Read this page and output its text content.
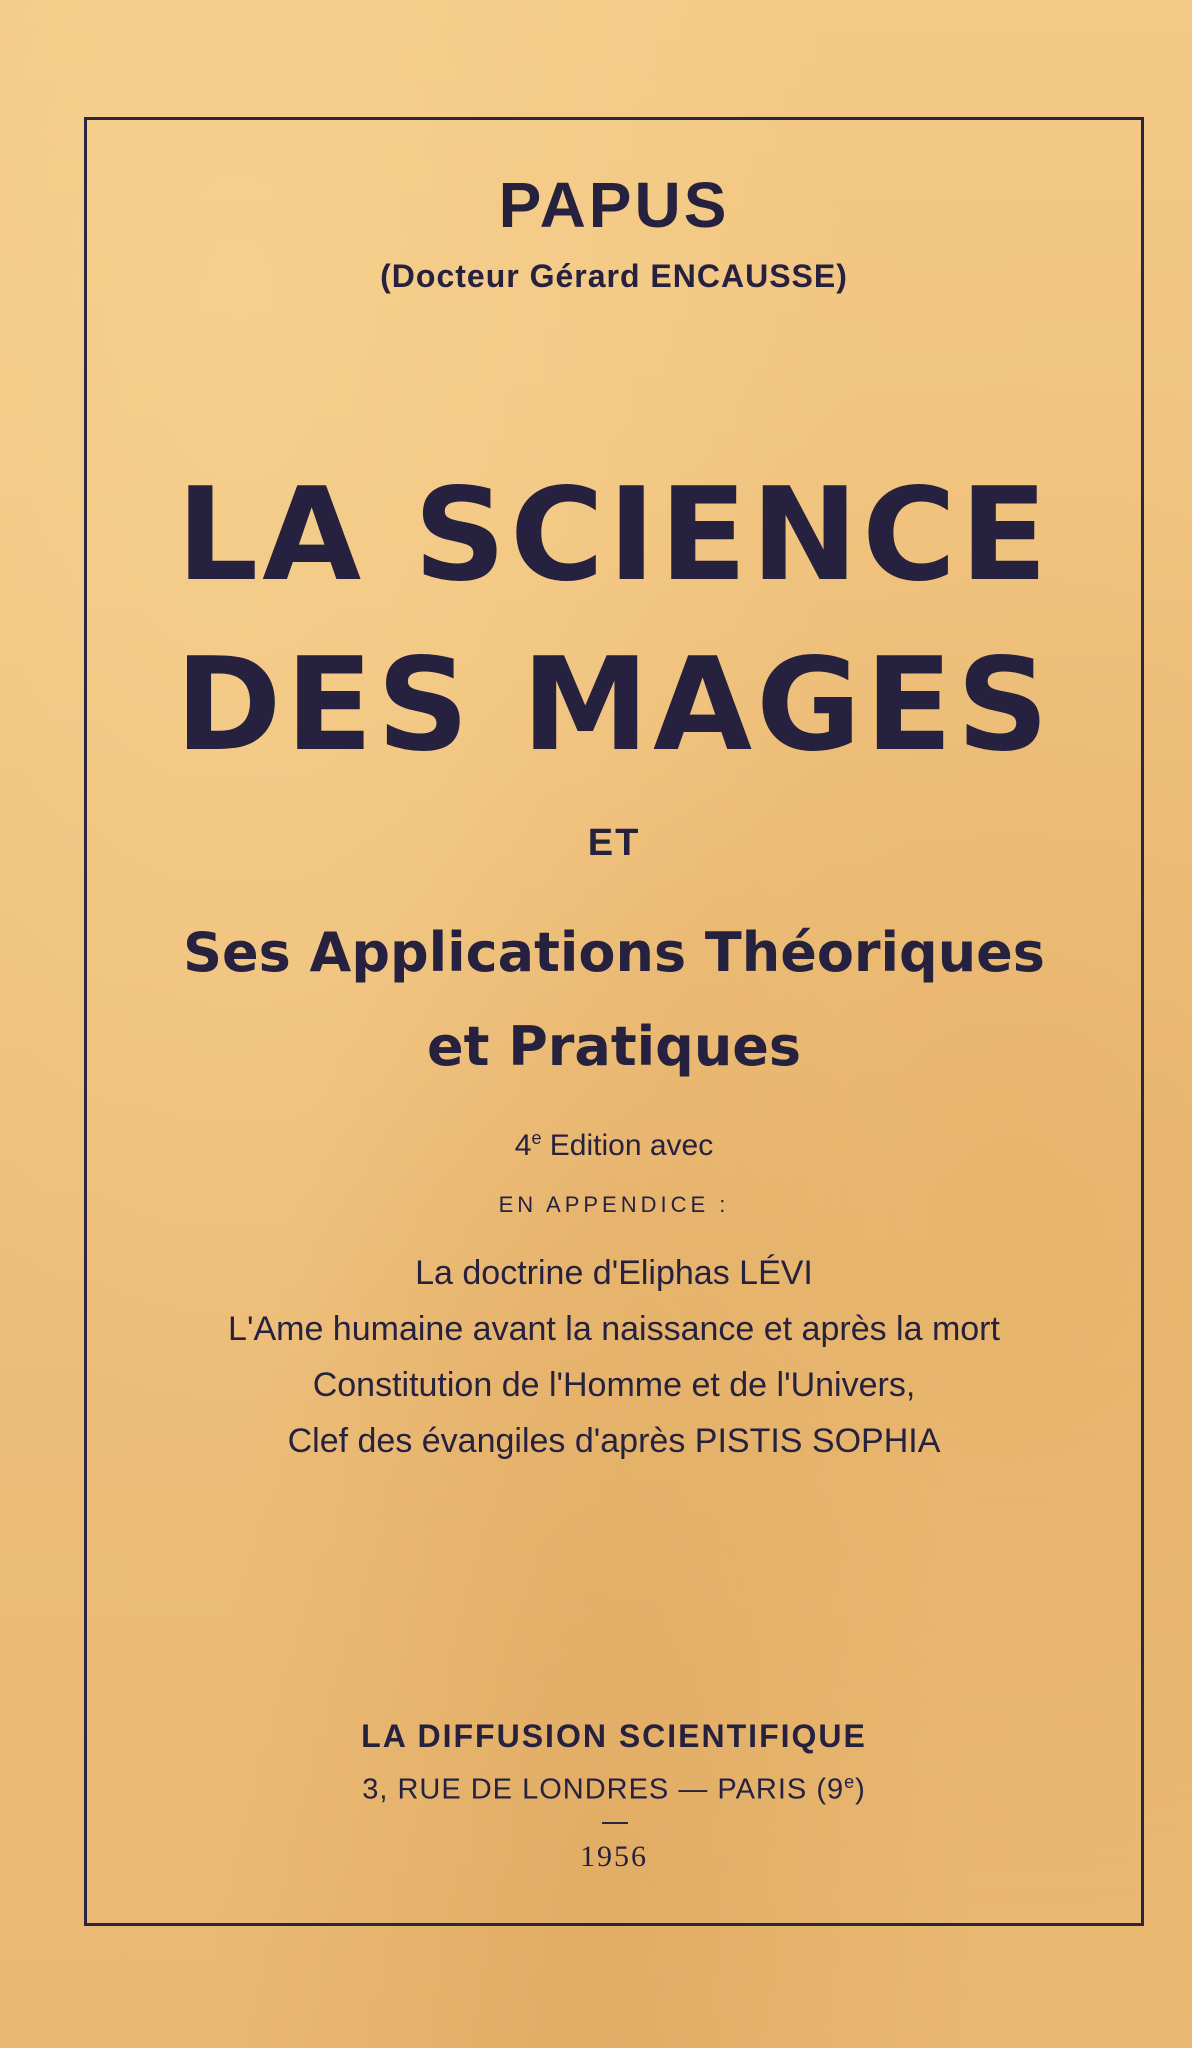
PAPUS
(Docteur Gérard ENCAUSSE)
LA SCIENCE
DES MAGES
ET
Ses Applications Théoriques
et Pratiques
4e Edition avec
EN APPENDICE :
La doctrine d'Eliphas LÉVI
L'Ame humaine avant la naissance et après la mort
Constitution de l'Homme et de l'Univers,
Clef des évangiles d'après PISTIS SOPHIA
LA DIFFUSION SCIENTIFIQUE
3, RUE DE LONDRES — PARIS (9e)
1956
